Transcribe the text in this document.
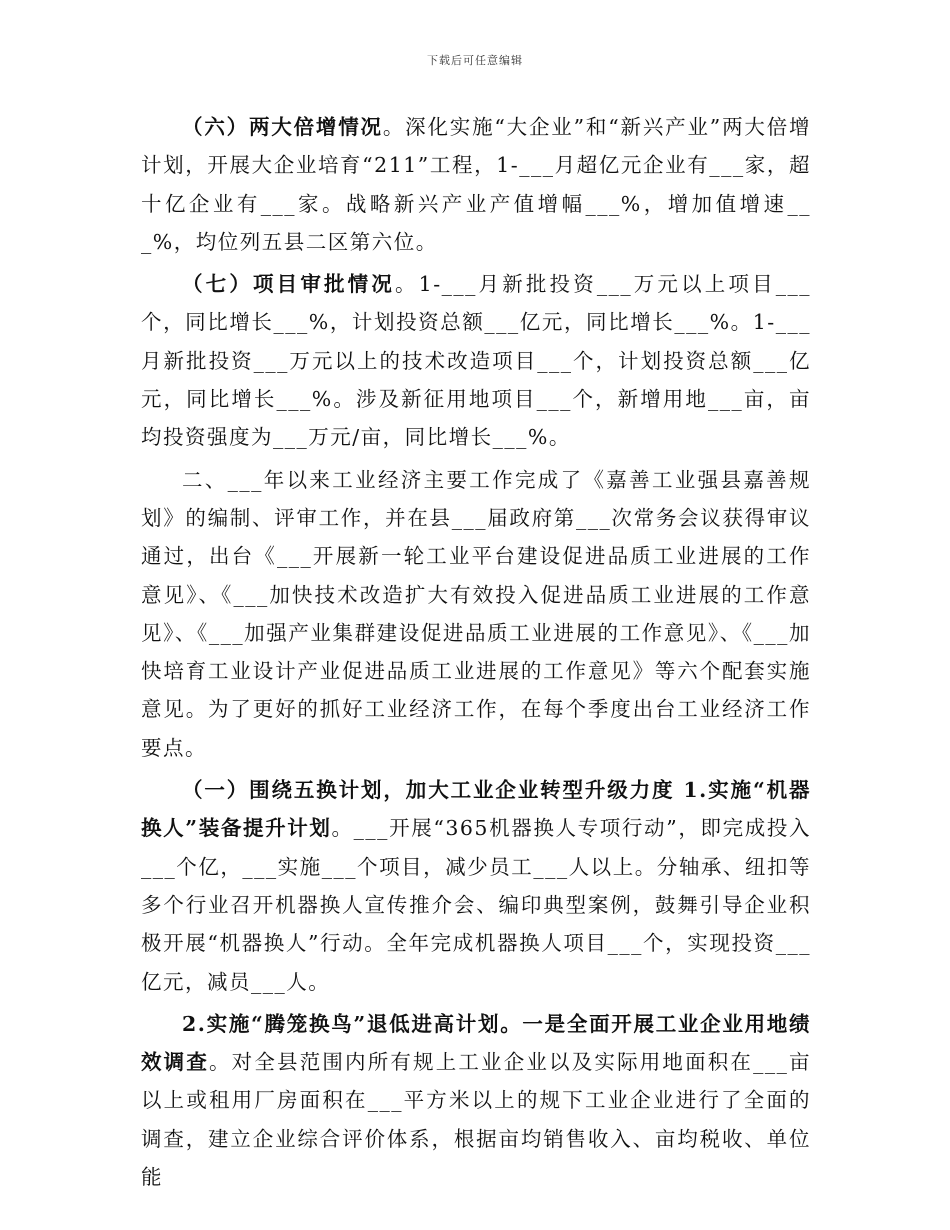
下载后可任意编辑

（六）两大倍增情况。深化实施“大企业”和“新兴产业”两大倍增计划，开展大企业培育“211”工程，1-___月超亿元企业有___家，超十亿企业有___家。战略新兴产业产值增幅___%，增加值增速___%，均位列五县二区第六位。

（七）项目审批情况。1-___月新批投资___万元以上项目___个，同比增长___%，计划投资总额___亿元，同比增长___%。1-___月新批投资___万元以上的技术改造项目___个，计划投资总额___亿元，同比增长___%。涉及新征用地项目___个，新增用地___亩，亩均投资强度为___万元/亩，同比增长___%。

二、___年以来工业经济主要工作完成了《嘉善工业强县嘉善规划》的编制、评审工作，并在县___届政府第___次常务会议获得审议通过，出台《___开展新一轮工业平台建设促进品质工业进展的工作意见》、《___加快技术改造扩大有效投入促进品质工业进展的工作意见》、《___加强产业集群建设促进品质工业进展的工作意见》、《___加快培育工业设计产业促进品质工业进展的工作意见》等六个配套实施意见。为了更好的抓好工业经济工作，在每个季度出台工业经济工作要点。

（一）围绕五换计划，加大工业企业转型升级力度 1.实施“机器换人”装备提升计划。___开展“365机器换人专项行动”，即完成投入___个亿，___实施___个项目，减少员工___人以上。分轴承、纽扣等多个行业召开机器换人宣传推介会、编印典型案例，鼓舞引导企业积极开展“机器换人”行动。全年完成机器换人项目___个，实现投资___亿元，减员___人。

2.实施“腾笼换鸟”退低进高计划。一是全面开展工业企业用地绩效调查。对全县范围内所有规上工业企业以及实际用地面积在___亩以上或租用厂房面积在___平方米以上的规下工业企业进行了全面的调查，建立企业综合评价体系，根据亩均销售收入、亩均税收、单位能
